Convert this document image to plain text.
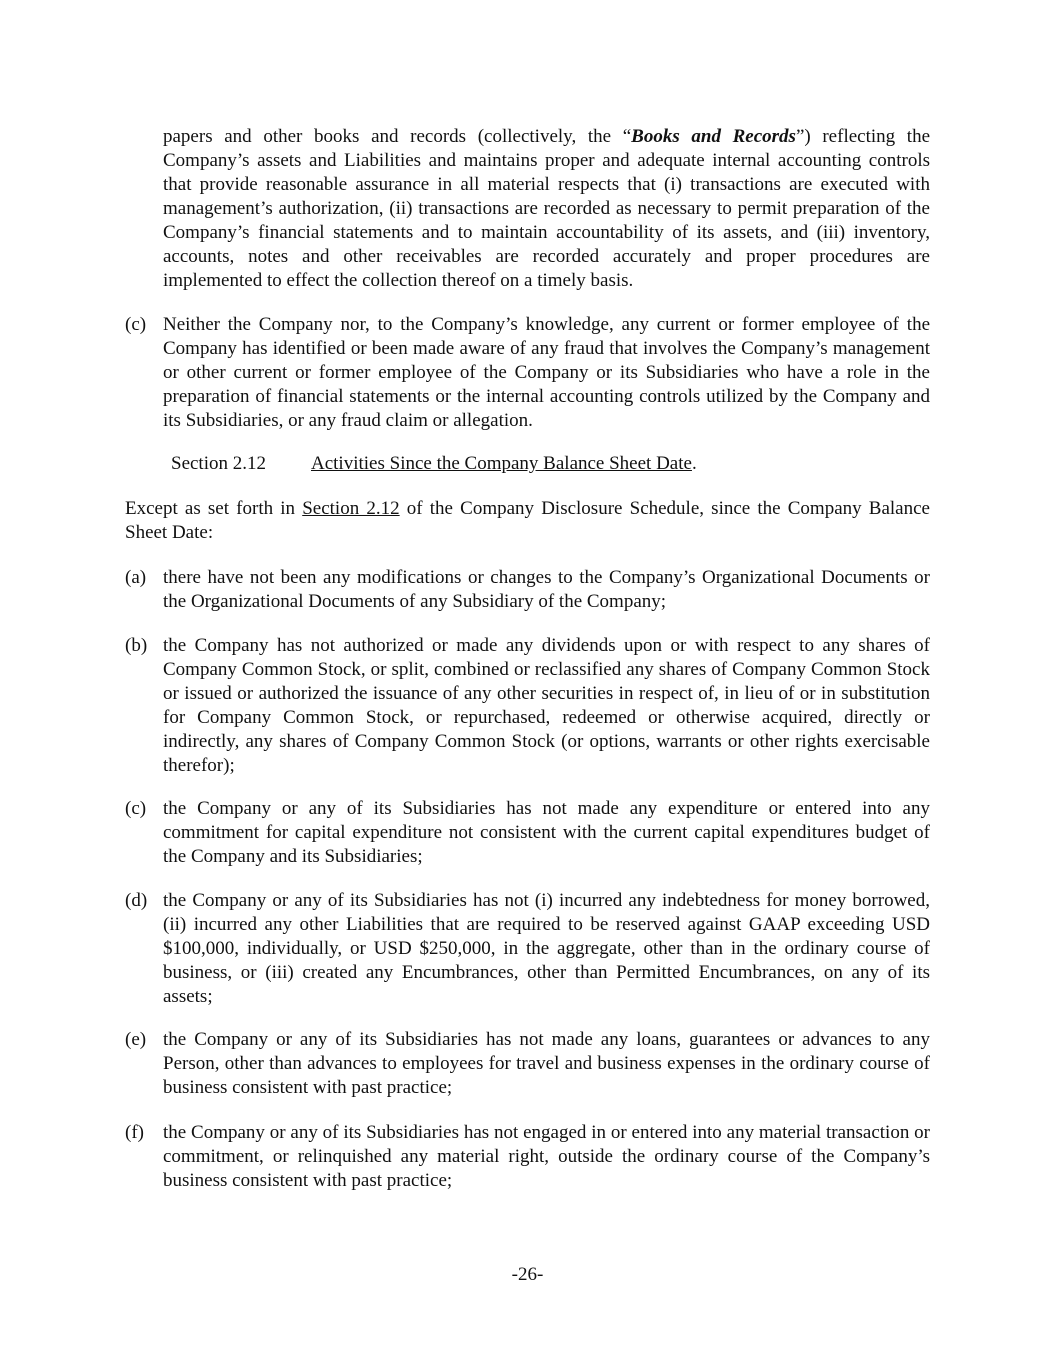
papers and other books and records (collectively, the “Books and Records”) reflecting the Company’s assets and Liabilities and maintains proper and adequate internal accounting controls that provide reasonable assurance in all material respects that (i) transactions are executed with management’s authorization, (ii) transactions are recorded as necessary to permit preparation of the Company’s financial statements and to maintain accountability of its assets, and (iii) inventory, accounts, notes and other receivables are recorded accurately and proper procedures are implemented to effect the collection thereof on a timely basis.

(c) Neither the Company nor, to the Company’s knowledge, any current or former employee of the Company has identified or been made aware of any fraud that involves the Company’s management or other current or former employee of the Company or its Subsidiaries who have a role in the preparation of financial statements or the internal accounting controls utilized by the Company and its Subsidiaries, or any fraud claim or allegation.
Section 2.12 Activities Since the Company Balance Sheet Date.

Except as set forth in Section 2.12 of the Company Disclosure Schedule, since the Company Balance Sheet Date:

(a) there have not been any modifications or changes to the Company’s Organizational Documents or the Organizational Documents of any Subsidiary of the Company;
(b) the Company has not authorized or made any dividends upon or with respect to any shares of Company Common Stock, or split, combined or reclassified any shares of Company Common Stock or issued or authorized the issuance of any other securities in respect of, in lieu of or in substitution for Company Common Stock, or repurchased, redeemed or otherwise acquired, directly or indirectly, any shares of Company Common Stock (or options, warrants or other rights exercisable therefor);
(c) the Company or any of its Subsidiaries has not made any expenditure or entered into any commitment for capital expenditure not consistent with the current capital expenditures budget of the Company and its Subsidiaries;
(d) the Company or any of its Subsidiaries has not (i) incurred any indebtedness for money borrowed, (ii) incurred any other Liabilities that are required to be reserved against GAAP exceeding USD $100,000, individually, or USD $250,000, in the aggregate, other than in the ordinary course of business, or (iii) created any Encumbrances, other than Permitted Encumbrances, on any of its assets;
(e) the Company or any of its Subsidiaries has not made any loans, guarantees or advances to any Person, other than advances to employees for travel and business expenses in the ordinary course of business consistent with past practice;
(f)	the Company or any of its Subsidiaries has not engaged in or entered into any material transaction or commitment, or relinquished any material right, outside the ordinary course of the Company’s business consistent with past practice;
-26-
